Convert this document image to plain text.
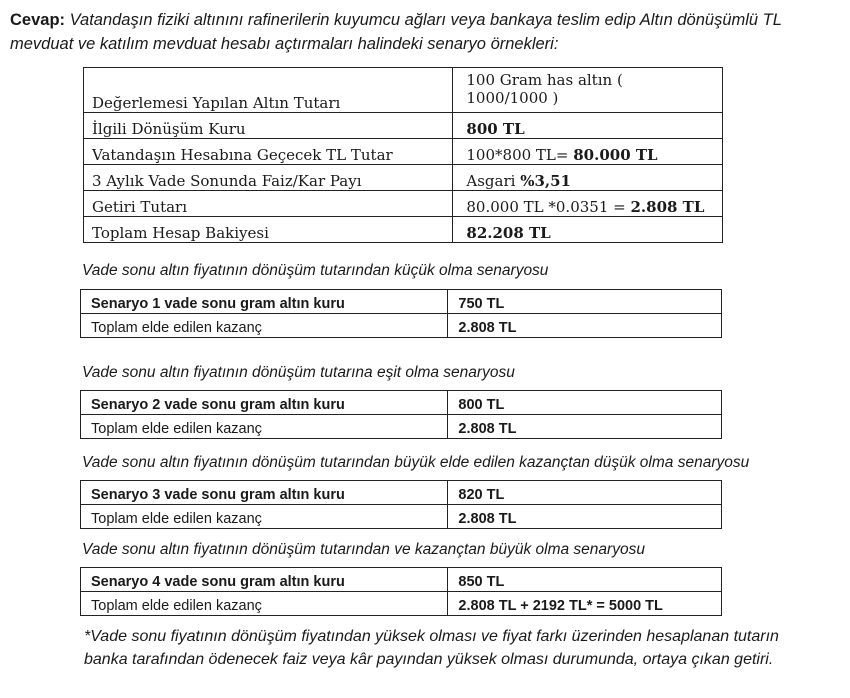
Cevap: Vatandaşın fiziki altınını rafinerilerin kuyumcu ağları veya bankaya teslim edip Altın dönüşümlü TL mevduat ve katılım mevduat hesabı açtırmaları halindeki senaryo örnekleri:
Değerlemesi Yapılan Altın Tutarı	100 Gram has altın (
1000/1000 )

İlgili Dönüşüm Kuru	800 TL
Vatandaşın Hesabına Geçecek TL Tutar	100*800 TL= 80.000 TL
3 Aylık Vade Sonunda Faiz/Kar Payı	Asgari %3,51
Getiri Tutarı	80.000 TL *0.0351 = 2.808 TL
Toplam Hesap Bakiyesi	82.208 TL
Vade sonu altın fiyatının dönüşüm tutarından küçük olma senaryosu
Senaryo 1 vade sonu gram altın kuru	750 TL
Toplam elde edilen kazanç	2.808 TL
Vade sonu altın fiyatının dönüşüm tutarına eşit olma senaryosu
Senaryo 2 vade sonu gram altın kuru	800 TL
Toplam elde edilen kazanç	2.808 TL
Vade sonu altın fiyatının dönüşüm tutarından büyük elde edilen kazançtan düşük olma senaryosu
Senaryo 3 vade sonu gram altın kuru	820 TL
Toplam elde edilen kazanç	2.808 TL
Vade sonu altın fiyatının dönüşüm tutarından ve kazançtan büyük olma senaryosu
Senaryo 4 vade sonu gram altın kuru	850 TL
Toplam elde edilen kazanç	2.808 TL + 2192 TL* = 5000 TL
*Vade sonu fiyatının dönüşüm fiyatından yüksek olması ve fiyat farkı üzerinden hesaplanan tutarın banka tarafından ödenecek faiz veya kâr payından yüksek olması durumunda, ortaya çıkan getiri.
